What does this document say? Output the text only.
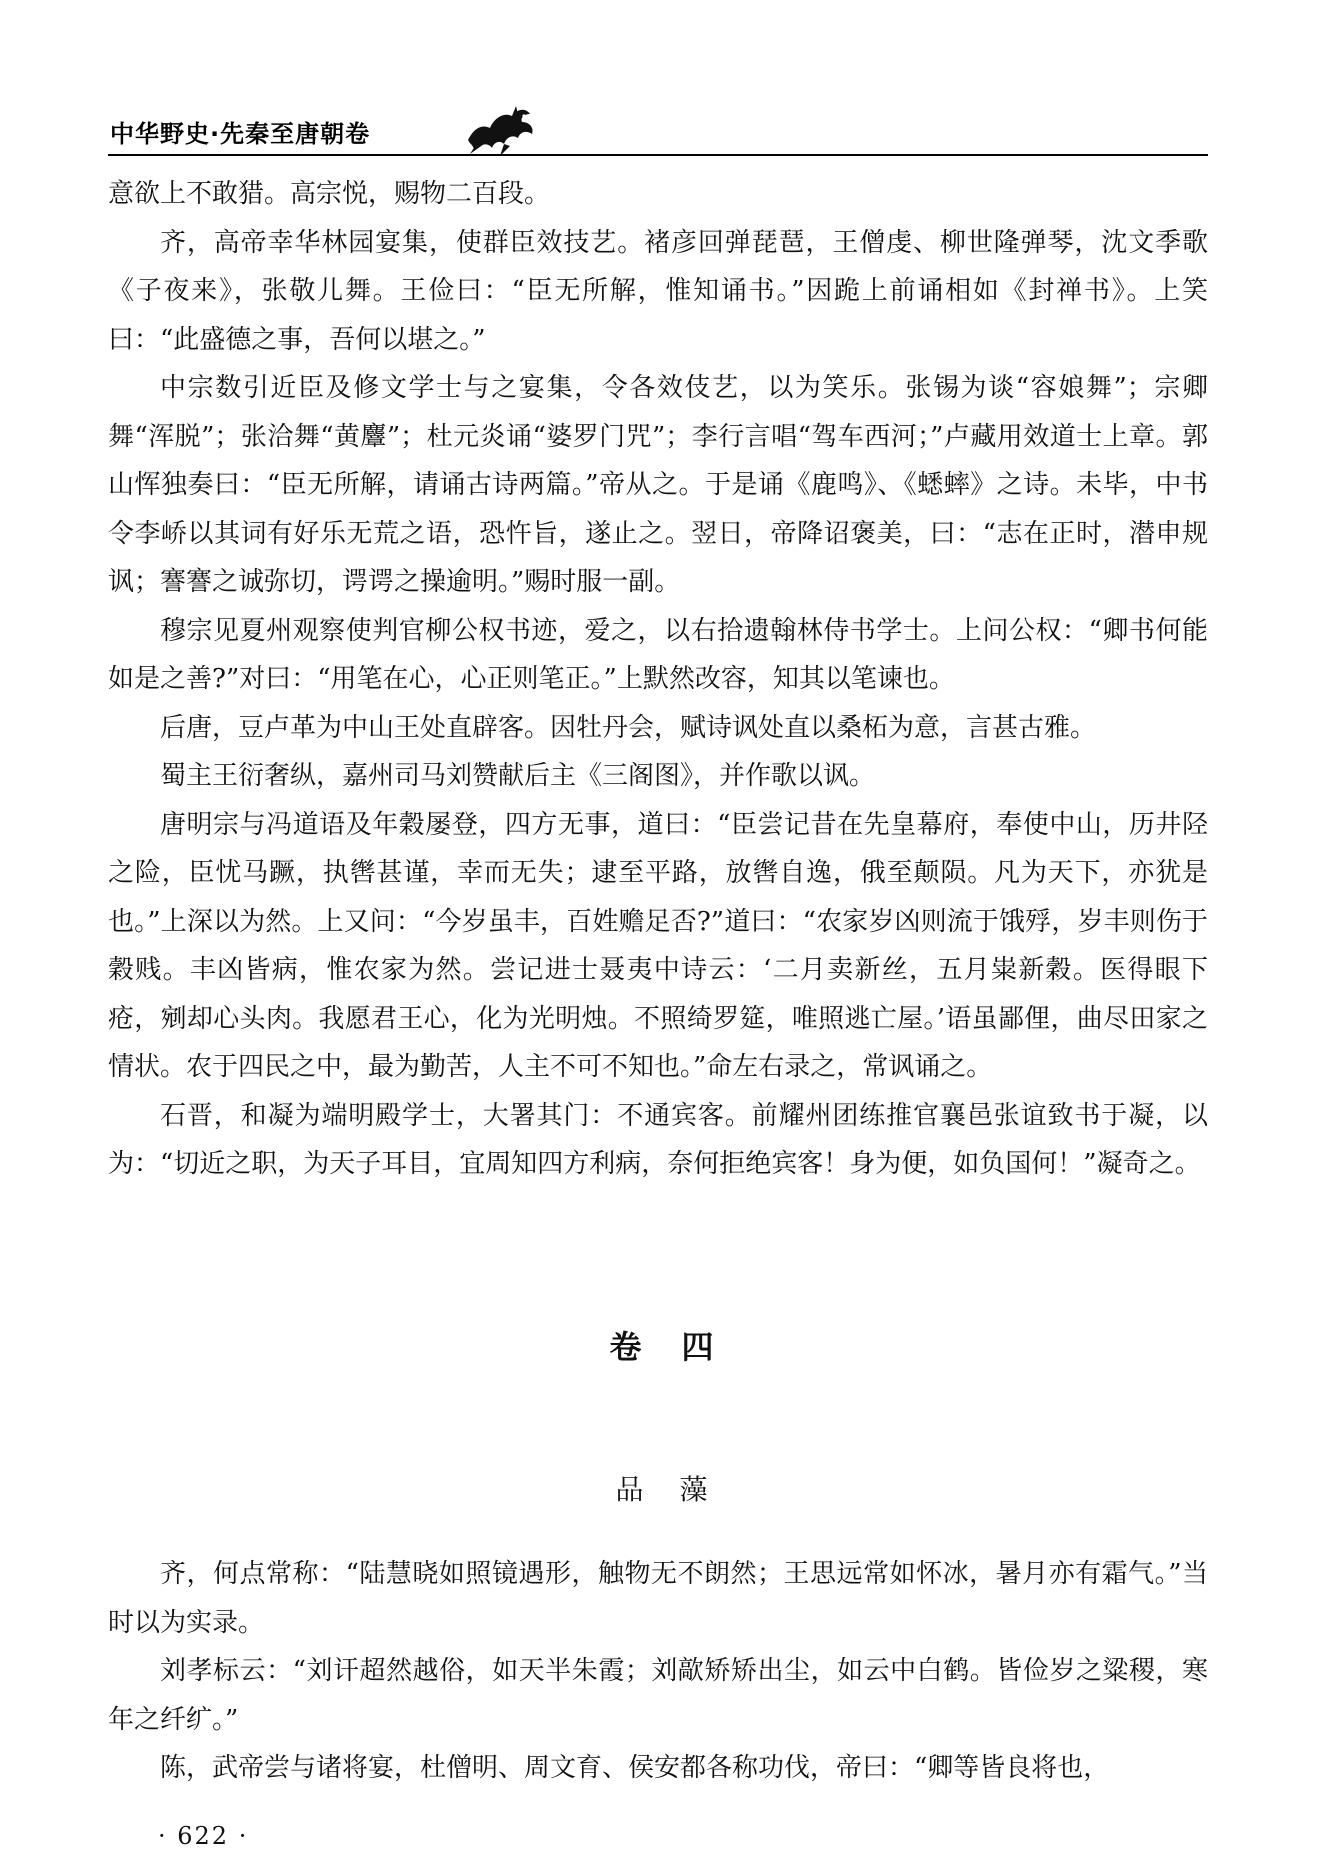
中华野史·先秦至唐朝卷

意欲上不敢猎。高宗悦，赐物二百段。

齐，高帝幸华林园宴集，使群臣效技艺。褚彦回弹琵琶，王僧虔、柳世隆弹琴，沈文季歌《子夜来》，张敬儿舞。王俭曰：“臣无所解，惟知诵书。”因跪上前诵相如《封禅书》。上笑曰：“此盛德之事，吾何以堪之。”

中宗数引近臣及修文学士与之宴集，令各效伎艺，以为笑乐。张锡为谈“容娘舞”；宗卿舞“浑脱”；张洽舞“黄麞”；杜元炎诵“婆罗门咒”；李行言唱“驾车西河；”卢藏用效道士上章。郭山恽独奏曰：“臣无所解，请诵古诗两篇。”帝从之。于是诵《鹿鸣》、《蟋蟀》之诗。未毕，中书令李峤以其词有好乐无荒之语，恐忤旨，遂止之。翌日，帝降诏褒美，曰：“志在正时，潜申规讽；謇謇之诚弥切，谔谔之操逾明。”赐时服一副。

穆宗见夏州观察使判官柳公权书迹，爱之，以右拾遗翰林侍书学士。上问公权：“卿书何能如是之善?”对曰：“用笔在心，心正则笔正。”上默然改容，知其以笔谏也。

后唐，豆卢革为中山王处直辟客。因牡丹会，赋诗讽处直以桑柘为意，言甚古雅。

蜀主王衍奢纵，嘉州司马刘赞献后主《三阁图》，并作歌以讽。

唐明宗与冯道语及年穀屡登，四方无事，道曰：“臣尝记昔在先皇幕府，奉使中山，历井陉之险，臣忧马蹶，执辔甚谨，幸而无失；逮至平路，放辔自逸，俄至颠陨。凡为天下，亦犹是也。”上深以为然。上又问：“今岁虽丰，百姓赡足否?”道曰：“农家岁凶则流于饿殍，岁丰则伤于穀贱。丰凶皆病，惟农家为然。尝记进士聂夷中诗云：‘二月卖新丝，五月粜新穀。医得眼下疮，剜却心头肉。我愿君王心，化为光明烛。不照绮罗筵，唯照逃亡屋。’语虽鄙俚，曲尽田家之情状。农于四民之中，最为勤苦，人主不可不知也。”命左右录之，常讽诵之。

石晋，和凝为端明殿学士，大署其门：不通宾客。前耀州团练推官襄邑张谊致书于凝，以为：“切近之职，为天子耳目，宜周知四方利病，奈何拒绝宾客！身为便，如负国何！”凝奇之。

卷四
品藻

齐，何点常称：“陆慧晓如照镜遇形，触物无不朗然；王思远常如怀冰，暑月亦有霜气。”当时以为实录。

刘孝标云：“刘讦超然越俗，如天半朱霞；刘歊矫矫出尘，如云中白鹤。皆俭岁之粱稷，寒年之纤纩。”

陈，武帝尝与诸将宴，杜僧明、周文育、侯安都各称功伐，帝曰：“卿等皆良将也，

· 622 ·
